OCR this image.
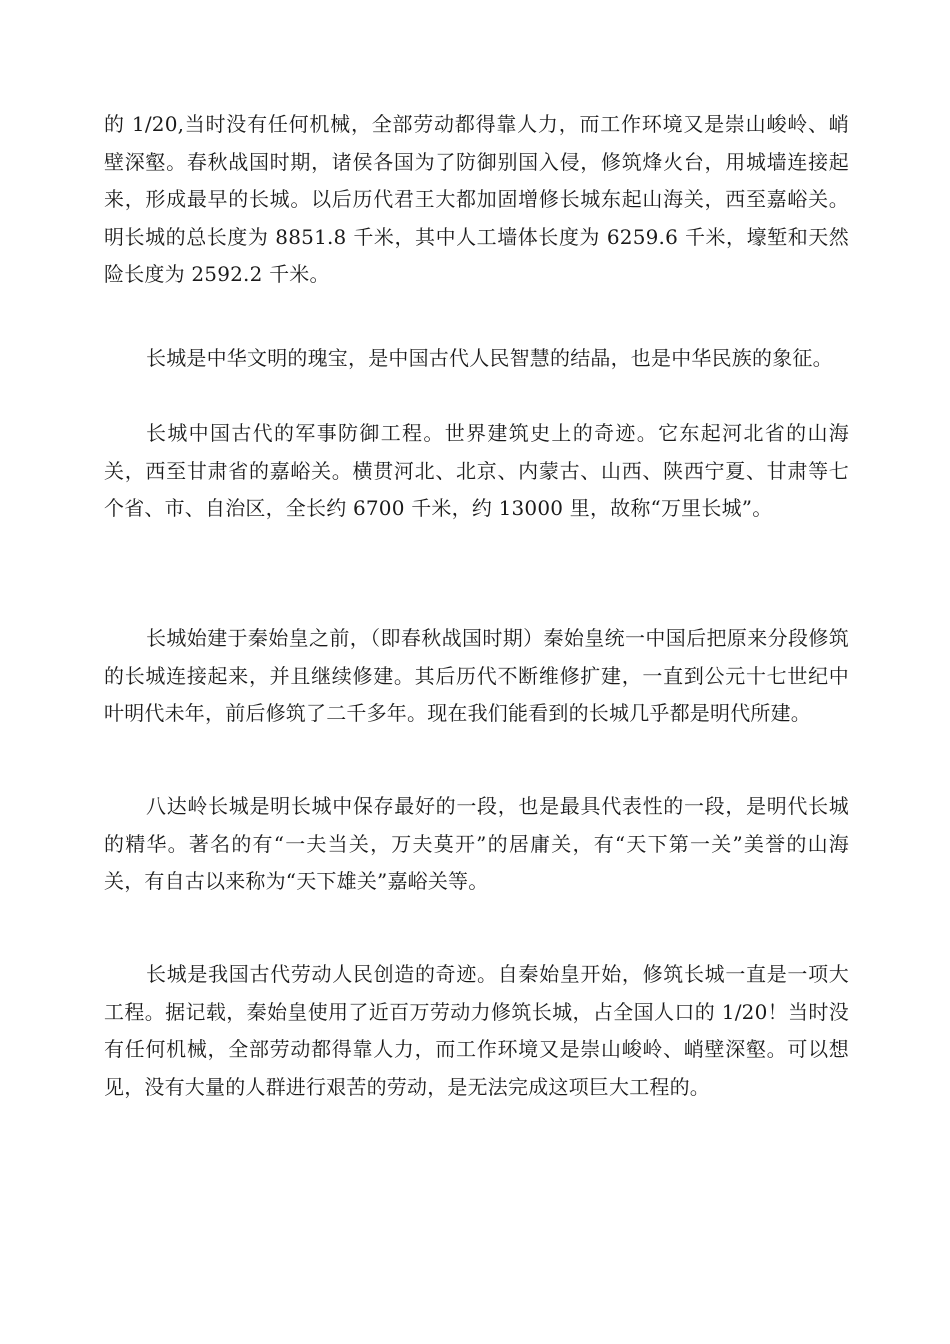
的 1/20,当时没有任何机械，全部劳动都得靠人力，而工作环境又是崇山峻岭、峭壁深壑。春秋战国时期，诸侯各国为了防御别国入侵，修筑烽火台，用城墙连接起来，形成最早的长城。以后历代君王大都加固增修长城东起山海关，西至嘉峪关。明长城的总长度为 8851.8 千米，其中人工墙体长度为 6259.6 千米，壕堑和天然险长度为 2592.2 千米。

长城是中华文明的瑰宝，是中国古代人民智慧的结晶，也是中华民族的象征。

长城中国古代的军事防御工程。世界建筑史上的奇迹。它东起河北省的山海关，西至甘肃省的嘉峪关。横贯河北、北京、内蒙古、山西、陕西宁夏、甘肃等七个省、市、自治区，全长约 6700 千米，约 13000 里，故称“万里长城”。

长城始建于秦始皇之前，（即春秋战国时期）秦始皇统一中国后把原来分段修筑的长城连接起来，并且继续修建。其后历代不断维修扩建，一直到公元十七世纪中叶明代未年，前后修筑了二千多年。现在我们能看到的长城几乎都是明代所建。

八达岭长城是明长城中保存最好的一段，也是最具代表性的一段，是明代长城的精华。著名的有“一夫当关，万夫莫开”的居庸关，有“天下第一关”美誉的山海关，有自古以来称为“天下雄关”嘉峪关等。

长城是我国古代劳动人民创造的奇迹。自秦始皇开始，修筑长城一直是一项大工程。据记载，秦始皇使用了近百万劳动力修筑长城，占全国人口的 1/20！当时没有任何机械，全部劳动都得靠人力，而工作环境又是崇山峻岭、峭壁深壑。可以想见，没有大量的人群进行艰苦的劳动，是无法完成这项巨大工程的。
